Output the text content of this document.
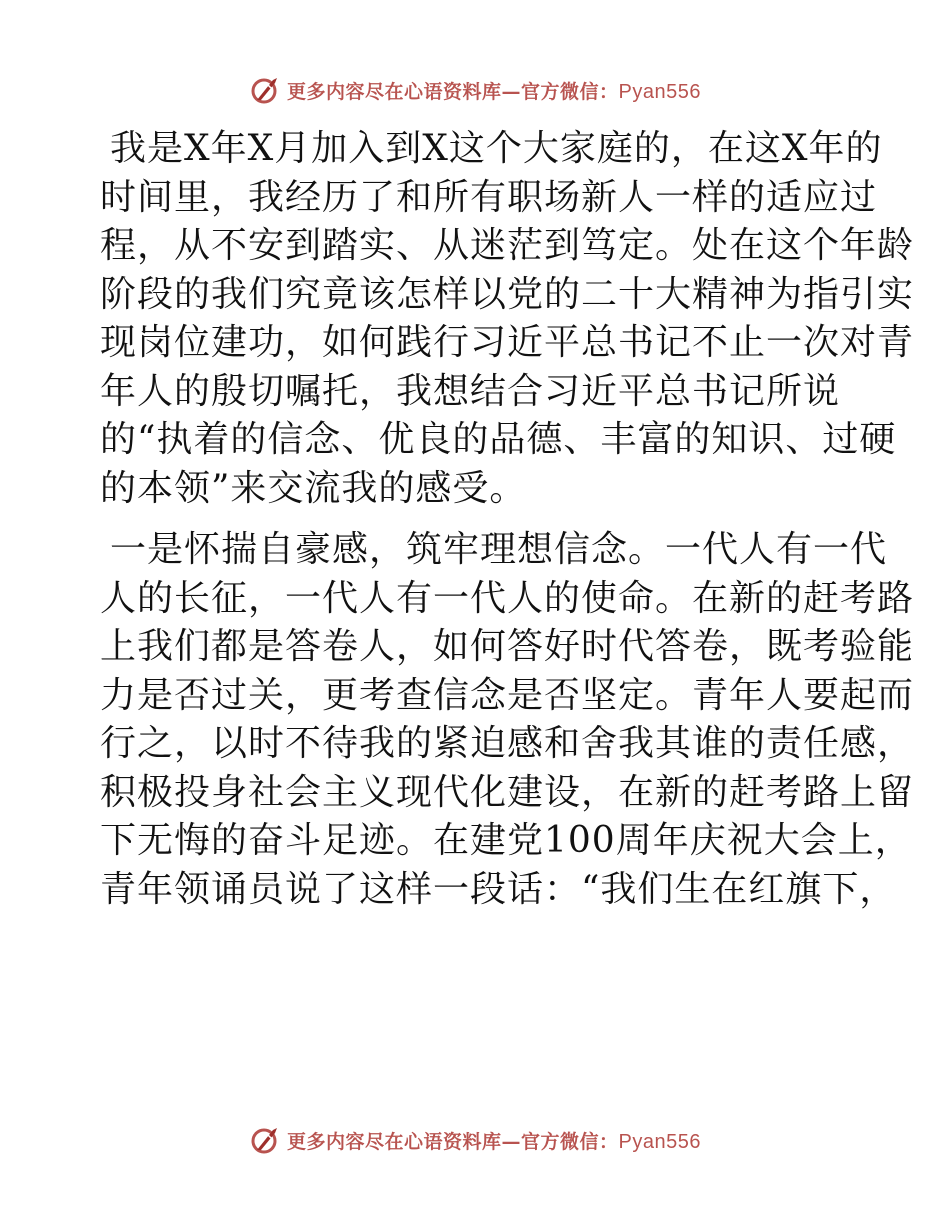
更多内容尽在心语资料库—官方微信：Pyan556
我是X年X月加入到X这个大家庭的，在这X年的
时间里，我经历了和所有职场新人一样的适应过
程，从不安到踏实、从迷茫到笃定。处在这个年龄
阶段的我们究竟该怎样以党的二十大精神为指引实
现岗位建功，如何践行习近平总书记不止一次对青
年人的殷切嘱托，我想结合习近平总书记所说
的“执着的信念、优良的品德、丰富的知识、过硬
的本领”来交流我的感受。
一是怀揣自豪感，筑牢理想信念。一代人有一代
人的长征，一代人有一代人的使命。在新的赶考路
上我们都是答卷人，如何答好时代答卷，既考验能
力是否过关，更考查信念是否坚定。青年人要起而
行之，以时不待我的紧迫感和舍我其谁的责任感，
积极投身社会主义现代化建设，在新的赶考路上留
下无悔的奋斗足迹。在建党100周年庆祝大会上，
青年领诵员说了这样一段话：“我们生在红旗下，
更多内容尽在心语资料库—官方微信：Pyan556
